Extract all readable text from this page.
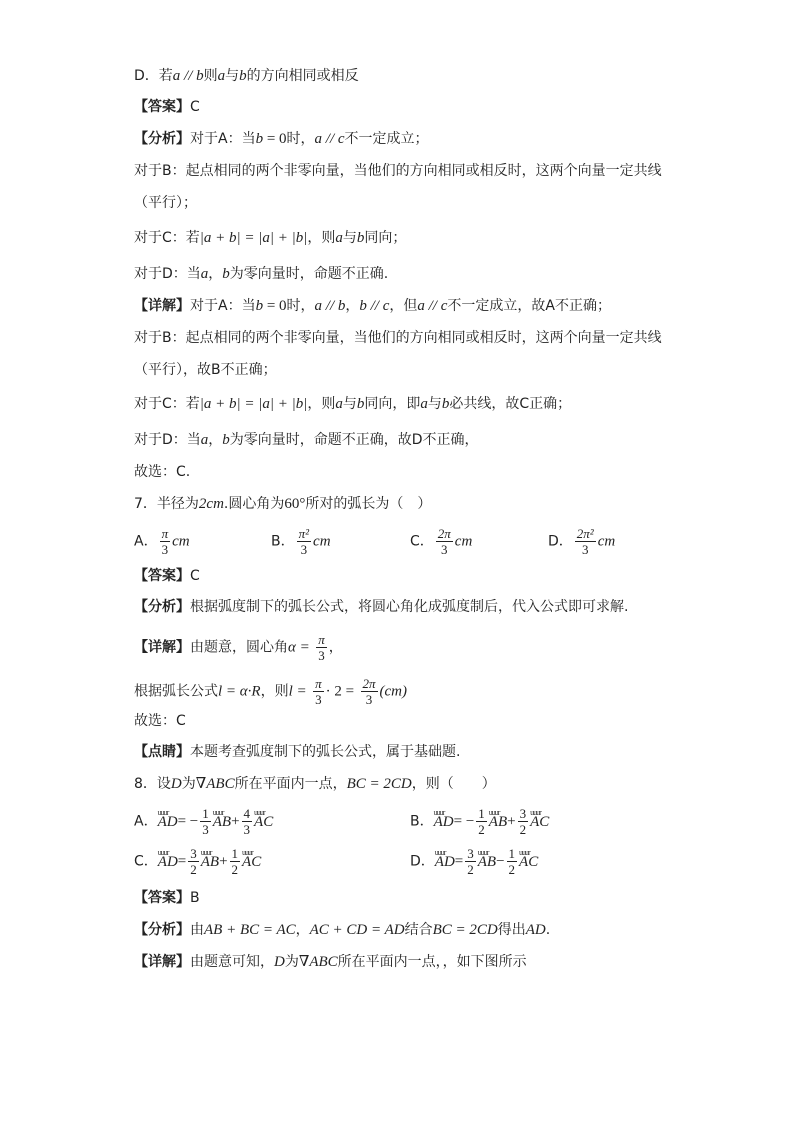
D．若a // b则a与b的方向相同或相反
【答案】C
【分析】对于A：当b = 0时，a // c不一定成立；
对于B：起点相同的两个非零向量，当他们的方向相同或相反时，这两个向量一定共线
（平行）；
对于C：若|a + b| = |a| + |b|，则a与b同向；
对于D：当a，b为零向量时，命题不正确.
【详解】对于A：当b = 0时，a // b，b // c，但a // c不一定成立，故A不正确；
对于B：起点相同的两个非零向量，当他们的方向相同或相反时，这两个向量一定共线
（平行），故B不正确；
对于C：若|a + b| = |a| + |b|，则a与b同向，即a与b必共线，故C正确；
对于D：当a，b为零向量时，命题不正确，故D不正确，
故选：C.
7．半径为2cm.圆心角为60°所对的弧长为（　）
A． $\frac{\pi}{3}$ cm	B． $\frac{\text{π²}}{3}$ cm	C． $\frac{2\pi}{3}$ cm	D． $\frac{\text{2π²}}{3}$ cm
【答案】C
【分析】根据弧度制下的弧长公式，将圆心角化成弧度制后，代入公式即可求解.
【详解】由题意，圆心角$\alpha = \frac{\pi}{3}$ ，
根据弧长公式l = α·R，则$l = \frac{\pi}{3} \cdot 2 = \frac{2\pi}{3} (cm)$
故选：C
【点睛】本题考查弧度制下的弧长公式，属于基础题.
8．设D为∇ABC所在平面内一点，BC = 2CD，则（　　）
A．uuur $AD= - \frac{1}{3}$ uuur $AB+ \frac{4}{3}$ uuur AC	B．uuur $AD= - \frac{1}{2}$ uuur $AB+ \frac{3}{2}$ uuur AC
C．uuur $AD= \frac{3}{2}$ uuur $AB+ \frac{1}{2}$ uuur AC	D．uuur $AD= \frac{3}{2}$ uuur $AB- \frac{1}{2}$ uuur AC
【答案】B
【分析】由AB + BC = AC，AC + CD = AD结合BC = 2CD得出AD.
【详解】由题意可知，D为∇ABC所在平面内一点，，如下图所示
